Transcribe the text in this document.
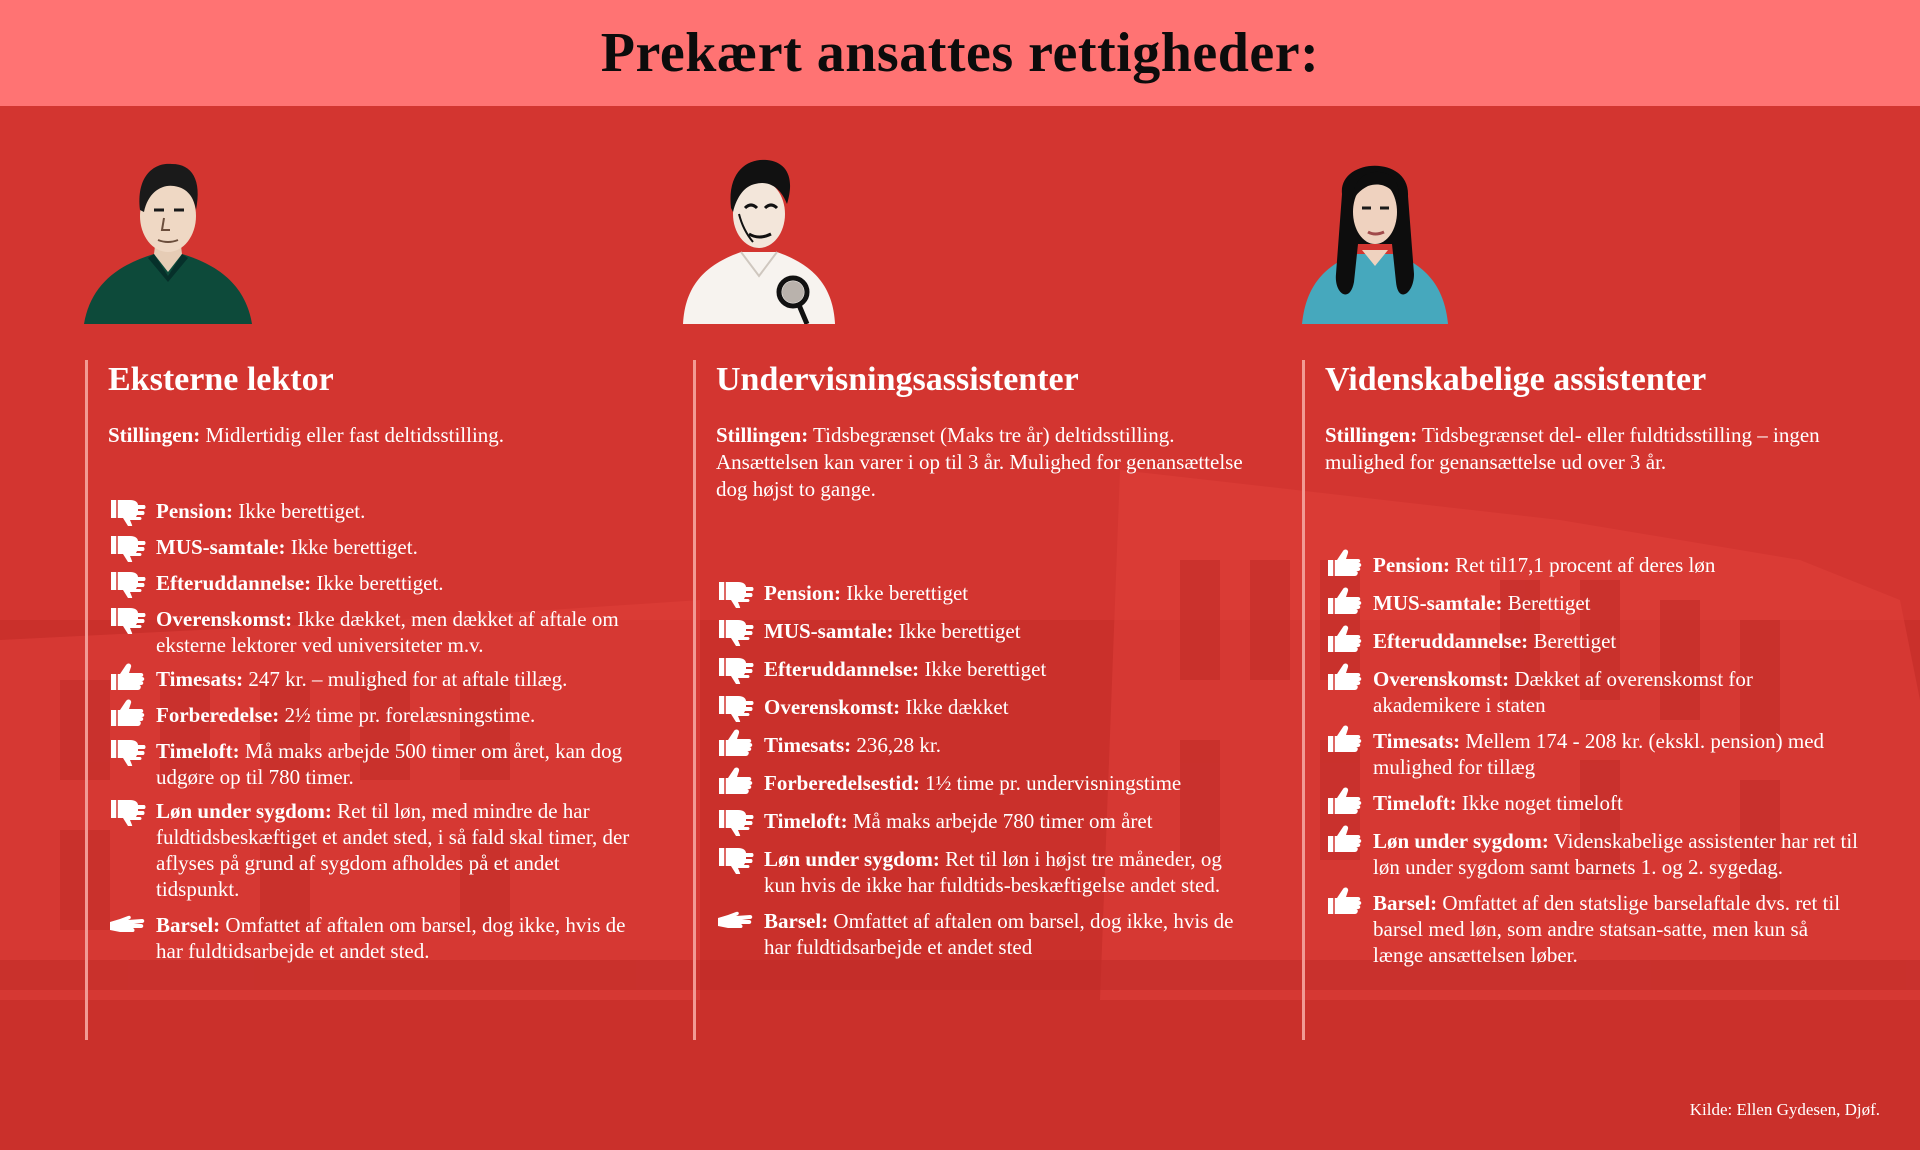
Prekært ansattes rettigheder:
Eksterne lektor

Stillingen: Midlertidig eller fast deltidsstilling.

Pension: Ikke berettiget.
MUS-samtale: Ikke berettiget.
Efteruddannelse: Ikke berettiget.
Overenskomst: Ikke dækket, men dækket af aftale om eksterne lektorer ved universiteter m.v.
Timesats: 247 kr. – mulighed for at aftale tillæg.
Forberedelse: 2½ time pr. forelæsningstime.
Timeloft: Må maks arbejde 500 timer om året, kan dog udgøre op til 780 timer.
Løn under sygdom: Ret til løn, med mindre de har fuldtidsbeskæftiget et andet sted, i så fald skal timer, der aflyses på grund af sygdom afholdes på et andet tidspunkt.
Barsel: Omfattet af aftalen om barsel, dog ikke, hvis de har fuldtidsarbejde et andet sted.
Undervisningsassistenter

Stillingen: Tidsbegrænset (Maks tre år) deltidsstilling. Ansættelsen kan varer i op til 3 år. Mulighed for genansættelse dog højst to gange.

Pension: Ikke berettiget
MUS-samtale: Ikke berettiget
Efteruddannelse: Ikke berettiget
Overenskomst: Ikke dækket
Timesats: 236,28 kr.
Forberedelsestid: 1½ time pr. undervisningstime
Timeloft: Må maks arbejde 780 timer om året
Løn under sygdom: Ret til løn i højst tre måneder, og kun hvis de ikke har fuldtids-beskæftigelse andet sted.
Barsel: Omfattet af aftalen om barsel, dog ikke, hvis de har fuldtidsarbejde et andet sted
Videnskabelige assistenter

Stillingen: Tidsbegrænset del- eller fuldtidsstilling – ingen mulighed for genansættelse ud over 3 år.

Pension: Ret til17,1 procent af deres løn
MUS-samtale: Berettiget
Efteruddannelse: Berettiget
Overenskomst: Dækket af overenskomst for akademikere i staten
Timesats: Mellem 174 - 208 kr. (ekskl. pension) med mulighed for tillæg
Timeloft: Ikke noget timeloft
Løn under sygdom: Videnskabelige assistenter har ret til løn under sygdom samt barnets 1. og 2. sygedag.
Barsel: Omfattet af den statslige barselaftale dvs. ret til barsel med løn, som andre statsan-satte, men kun så længe ansættelsen løber.
Kilde: Ellen Gydesen, Djøf.
